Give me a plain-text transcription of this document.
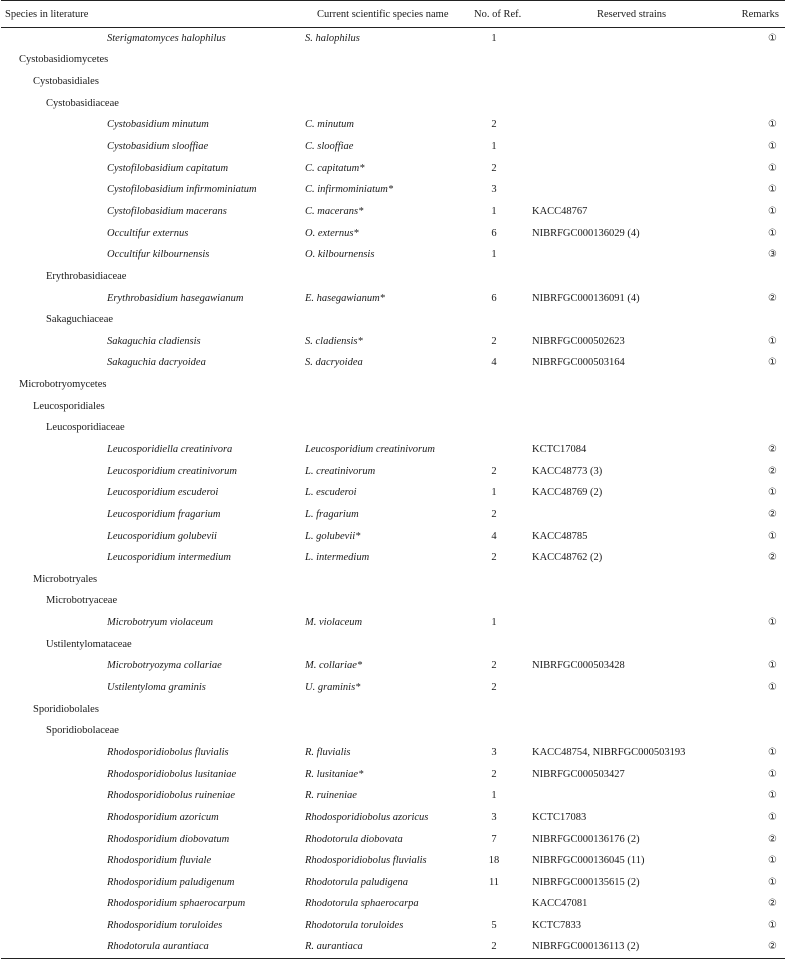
Species in literature	Current scientific species name	No. of Ref.	Reserved strains	Remarks
Sterigmatomyces halophilus	S. halophilus	1		①
Cystobasidiomycetes				
Cystobasidiales				
Cystobasidiaceae				
Cystobasidium minutum	C. minutum	2		①
Cystobasidium slooffiae	C. slooffiae	1		①
Cystofilobasidium capitatum	C. capitatum*	2		①
Cystofilobasidium infirmominiatum	C. infirmominiatum*	3		①
Cystofilobasidium macerans	C. macerans*	1	KACC48767	①
Occultifur externus	O. externus*	6	NIBRFGC000136029 (4)	①
Occultifur kilbournensis	O. kilbournensis	1		③
Erythrobasidiaceae				
Erythrobasidium hasegawianum	E. hasegawianum*	6	NIBRFGC000136091 (4)	②
Sakaguchiaceae				
Sakaguchia cladiensis	S. cladiensis*	2	NIBRFGC000502623	①
Sakaguchia dacryoidea	S. dacryoidea	4	NIBRFGC000503164	①
Microbotryomycetes				
Leucosporidiales				
Leucosporidiaceae				
Leucosporidiella creatinivora	Leucosporidium creatinivorum		KCTC17084	②
Leucosporidium creatinivorum	L. creatinivorum	2	KACC48773 (3)	②
Leucosporidium escuderoi	L. escuderoi	1	KACC48769 (2)	①
Leucosporidium fragarium	L. fragarium	2		②
Leucosporidium golubevii	L. golubevii*	4	KACC48785	①
Leucosporidium intermedium	L. intermedium	2	KACC48762 (2)	②
Microbotryales				
Microbotryaceae				
Microbotryum violaceum	M. violaceum	1		①
Ustilentylomataceae				
Microbotryozyma collariae	M. collariae*	2	NIBRFGC000503428	①
Ustilentyloma graminis	U. graminis*	2		①
Sporidiobolales				
Sporidiobolaceae				
Rhodosporidiobolus fluvialis	R. fluvialis	3	KACC48754, NIBRFGC000503193	①
Rhodosporidiobolus lusitaniae	R. lusitaniae*	2	NIBRFGC000503427	①
Rhodosporidiobolus ruineniae	R. ruineniae	1		①
Rhodosporidium azoricum	Rhodosporidiobolus azoricus	3	KCTC17083	①
Rhodosporidium diobovatum	Rhodotorula diobovata	7	NIBRFGC000136176 (2)	②
Rhodosporidium fluviale	Rhodosporidiobolus fluvialis	18	NIBRFGC000136045 (11)	①
Rhodosporidium paludigenum	Rhodotorula paludigena	11	NIBRFGC000135615 (2)	①
Rhodosporidium sphaerocarpum	Rhodotorula sphaerocarpa		KACC47081	②
Rhodosporidium toruloides	Rhodotorula toruloides	5	KCTC7833	①
Rhodotorula aurantiaca	R. aurantiaca	2	NIBRFGC000136113 (2)	②
